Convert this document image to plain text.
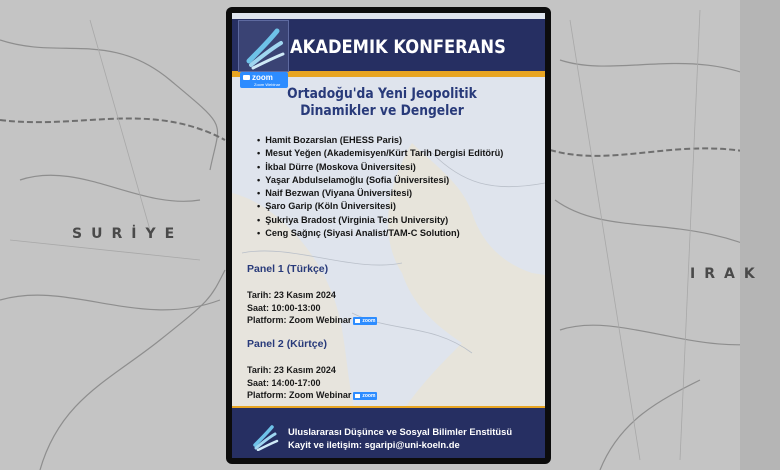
SURİYE
IRAK
AKADEMIK KONFERANS
zoom
Zoom Webinar
Ortadoğu'da Yeni Jeopolitik
Dinamikler ve Dengeler
• Hamit Bozarslan (EHESS Paris)
• Mesut Yeğen (Akademisyen/Kürt Tarih Dergisi Editörü)
• İkbal Dürre (Moskova Üniversitesi)
• Yaşar Abdulselamoğlu (Sofia Üniversitesi)
• Naif Bezwan (Viyana Üniversitesi)
• Şaro Garip (Köln Üniversitesi)
• Şukriya Bradost (Virginia Tech University)
• Ceng Sağnıç (Siyasi Analist/TAM-C Solution)
Panel 1 (Türkçe)
Tarih: 23 Kasım 2024
Saat: 10:00-13:00
Platform: Zoom Webinar zoom
Panel 2 (Kürtçe)
Tarih: 23 Kasım 2024
Saat: 14:00-17:00
Platform: Zoom Webinar zoom
Uluslararası Düşünce ve Sosyal Bilimler Enstitüsü
Kayit ve iletişim: sgaripi@uni-koeln.de
